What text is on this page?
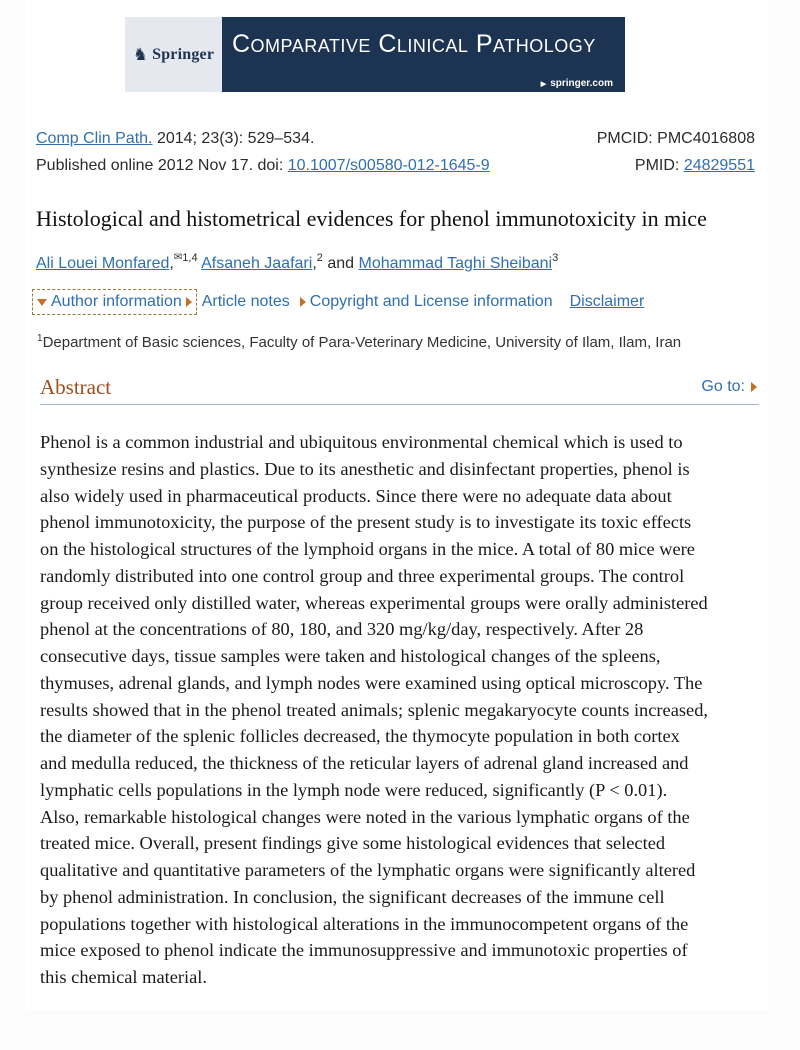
♞ Springer Comparative Clinical Pathology
▶ springer.com
Comp Clin Path. 2014; 23(3): 529–534.
Published online 2012 Nov 17. doi: 10.1007/s00580-012-1645-9
PMCID: PMC4016808
PMID: 24829551
Histological and histometrical evidences for phenol immunotoxicity in mice
Ali Louei Monfared,$^{✉1,4}$ Afsaneh Jaafari,$^2$ and Mohammad Taghi Sheibani$^3$
Author information Article notes Copyright and License information Disclaimer
$^1$Department of Basic sciences, Faculty of Para-Veterinary Medicine, University of Ilam, Ilam, Iran
Abstract	Go to:
Phenol is a common industrial and ubiquitous environmental chemical which is used to
synthesize resins and plastics. Due to its anesthetic and disinfectant properties, phenol is
also widely used in pharmaceutical products. Since there were no adequate data about
phenol immunotoxicity, the purpose of the present study is to investigate its toxic effects
on the histological structures of the lymphoid organs in the mice. A total of 80 mice were
randomly distributed into one control group and three experimental groups. The control
group received only distilled water, whereas experimental groups were orally administered
phenol at the concentrations of 80, 180, and 320 mg/kg/day, respectively. After 28
consecutive days, tissue samples were taken and histological changes of the spleens,
thymuses, adrenal glands, and lymph nodes were examined using optical microscopy. The
results showed that in the phenol treated animals; splenic megakaryocyte counts increased,
the diameter of the splenic follicles decreased, the thymocyte population in both cortex
and medulla reduced, the thickness of the reticular layers of adrenal gland increased and
lymphatic cells populations in the lymph node were reduced, significantly (P < 0.01).
Also, remarkable histological changes were noted in the various lymphatic organs of the
treated mice. Overall, present findings give some histological evidences that selected
qualitative and quantitative parameters of the lymphatic organs were significantly altered
by phenol administration. In conclusion, the significant decreases of the immune cell
populations together with histological alterations in the immunocompetent organs of the
mice exposed to phenol indicate the immunosuppressive and immunotoxic properties of
this chemical material.
